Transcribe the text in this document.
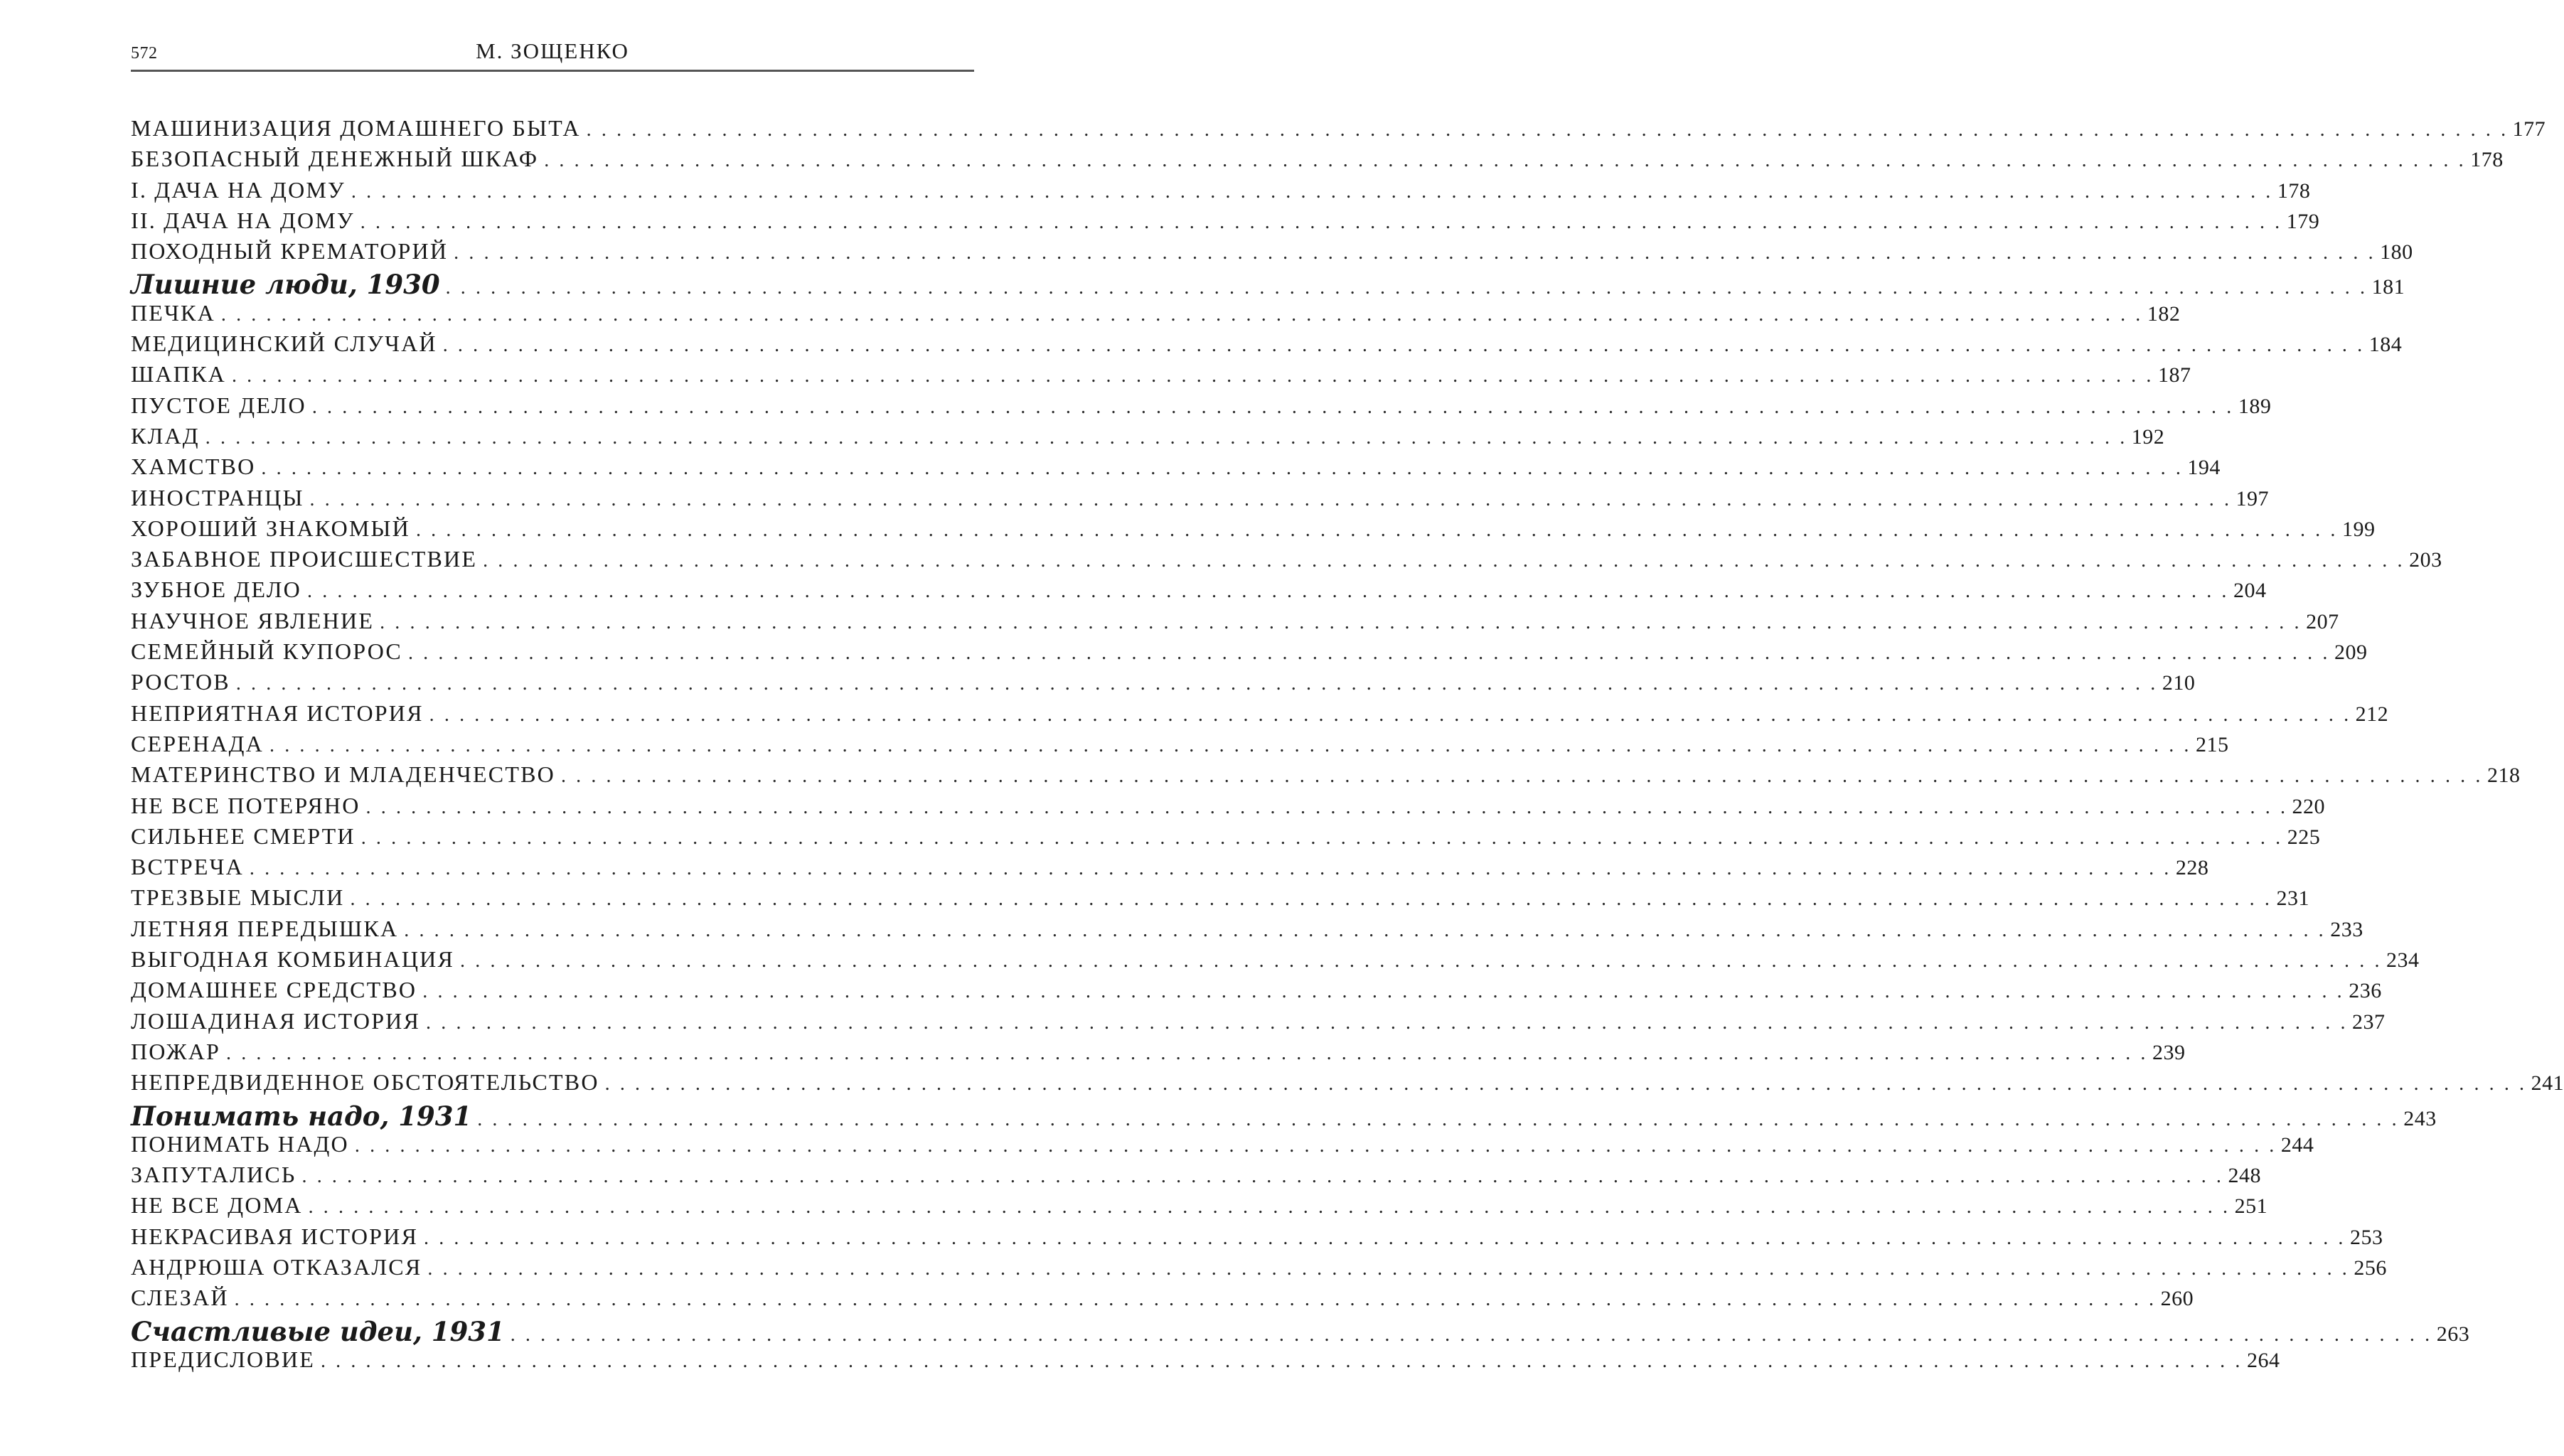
572	М. ЗОЩЕНКО
МАШИНИЗАЦИЯ ДОМАШНЕГО БЫТА . . . . . . . . . . . . . . . . . . . . . . . . . . . . . . . . . . . . . . . . . . . . . . . . . . . . . . . . . . . . . . . . . . . . . . . . . . . . . . . . . . . . . . . . . . . . . . . . . . . . . . . . . . . . . . . . . . . . . . . . . . . . . . . . 177
БЕЗОПАСНЫЙ ДЕНЕЖНЫЙ ШКАФ . . . . . . . . . . . . . . . . . . . . . . . . . . . . . . . . . . . . . . . . . . . . . . . . . . . . . . . . . . . . . . . . . . . . . . . . . . . . . . . . . . . . . . . . . . . . . . . . . . . . . . . . . . . . . . . . . . . . . . . . . . . . . . . . 178
I. ДАЧА НА ДОМУ . . . . . . . . . . . . . . . . . . . . . . . . . . . . . . . . . . . . . . . . . . . . . . . . . . . . . . . . . . . . . . . . . . . . . . . . . . . . . . . . . . . . . . . . . . . . . . . . . . . . . . . . . . . . . . . . . . . . . . . . . . . . . . . . 178
II. ДАЧА НА ДОМУ . . . . . . . . . . . . . . . . . . . . . . . . . . . . . . . . . . . . . . . . . . . . . . . . . . . . . . . . . . . . . . . . . . . . . . . . . . . . . . . . . . . . . . . . . . . . . . . . . . . . . . . . . . . . . . . . . . . . . . . . . . . . . . . . 179
ПОХОДНЫЙ КРЕМАТОРИЙ . . . . . . . . . . . . . . . . . . . . . . . . . . . . . . . . . . . . . . . . . . . . . . . . . . . . . . . . . . . . . . . . . . . . . . . . . . . . . . . . . . . . . . . . . . . . . . . . . . . . . . . . . . . . . . . . . . . . . . . . . . . . . . . . 180
Лишние люди, 1930 . . . . . . . . . . . . . . . . . . . . . . . . . . . . . . . . . . . . . . . . . . . . . . . . . . . . . . . . . . . . . . . . . . . . . . . . . . . . . . . . . . . . . . . . . . . . . . . . . . . . . . . . . . . . . . . . . . . . . . . . . . . . . . . . 181
ПЕЧКА . . . . . . . . . . . . . . . . . . . . . . . . . . . . . . . . . . . . . . . . . . . . . . . . . . . . . . . . . . . . . . . . . . . . . . . . . . . . . . . . . . . . . . . . . . . . . . . . . . . . . . . . . . . . . . . . . . . . . . . . . . . . . . . . 182
МЕДИЦИНСКИЙ СЛУЧАЙ . . . . . . . . . . . . . . . . . . . . . . . . . . . . . . . . . . . . . . . . . . . . . . . . . . . . . . . . . . . . . . . . . . . . . . . . . . . . . . . . . . . . . . . . . . . . . . . . . . . . . . . . . . . . . . . . . . . . . . . . . . . . . . . . 184
ШАПКА . . . . . . . . . . . . . . . . . . . . . . . . . . . . . . . . . . . . . . . . . . . . . . . . . . . . . . . . . . . . . . . . . . . . . . . . . . . . . . . . . . . . . . . . . . . . . . . . . . . . . . . . . . . . . . . . . . . . . . . . . . . . . . . . 187
ПУСТОЕ ДЕЛО . . . . . . . . . . . . . . . . . . . . . . . . . . . . . . . . . . . . . . . . . . . . . . . . . . . . . . . . . . . . . . . . . . . . . . . . . . . . . . . . . . . . . . . . . . . . . . . . . . . . . . . . . . . . . . . . . . . . . . . . . . . . . . . . 189
КЛАД . . . . . . . . . . . . . . . . . . . . . . . . . . . . . . . . . . . . . . . . . . . . . . . . . . . . . . . . . . . . . . . . . . . . . . . . . . . . . . . . . . . . . . . . . . . . . . . . . . . . . . . . . . . . . . . . . . . . . . . . . . . . . . . . 192
ХАМСТВО . . . . . . . . . . . . . . . . . . . . . . . . . . . . . . . . . . . . . . . . . . . . . . . . . . . . . . . . . . . . . . . . . . . . . . . . . . . . . . . . . . . . . . . . . . . . . . . . . . . . . . . . . . . . . . . . . . . . . . . . . . . . . . . . 194
ИНОСТРАНЦЫ . . . . . . . . . . . . . . . . . . . . . . . . . . . . . . . . . . . . . . . . . . . . . . . . . . . . . . . . . . . . . . . . . . . . . . . . . . . . . . . . . . . . . . . . . . . . . . . . . . . . . . . . . . . . . . . . . . . . . . . . . . . . . . . . 197
ХОРОШИЙ ЗНАКОМЫЙ . . . . . . . . . . . . . . . . . . . . . . . . . . . . . . . . . . . . . . . . . . . . . . . . . . . . . . . . . . . . . . . . . . . . . . . . . . . . . . . . . . . . . . . . . . . . . . . . . . . . . . . . . . . . . . . . . . . . . . . . . . . . . . . . 199
ЗАБАВНОЕ ПРОИСШЕСТВИЕ . . . . . . . . . . . . . . . . . . . . . . . . . . . . . . . . . . . . . . . . . . . . . . . . . . . . . . . . . . . . . . . . . . . . . . . . . . . . . . . . . . . . . . . . . . . . . . . . . . . . . . . . . . . . . . . . . . . . . . . . . . . . . . . . 203
ЗУБНОЕ ДЕЛО . . . . . . . . . . . . . . . . . . . . . . . . . . . . . . . . . . . . . . . . . . . . . . . . . . . . . . . . . . . . . . . . . . . . . . . . . . . . . . . . . . . . . . . . . . . . . . . . . . . . . . . . . . . . . . . . . . . . . . . . . . . . . . . . 204
НАУЧНОЕ ЯВЛЕНИЕ . . . . . . . . . . . . . . . . . . . . . . . . . . . . . . . . . . . . . . . . . . . . . . . . . . . . . . . . . . . . . . . . . . . . . . . . . . . . . . . . . . . . . . . . . . . . . . . . . . . . . . . . . . . . . . . . . . . . . . . . . . . . . . . . 207
СЕМЕЙНЫЙ КУПОРОС . . . . . . . . . . . . . . . . . . . . . . . . . . . . . . . . . . . . . . . . . . . . . . . . . . . . . . . . . . . . . . . . . . . . . . . . . . . . . . . . . . . . . . . . . . . . . . . . . . . . . . . . . . . . . . . . . . . . . . . . . . . . . . . . 209
РОСТОВ . . . . . . . . . . . . . . . . . . . . . . . . . . . . . . . . . . . . . . . . . . . . . . . . . . . . . . . . . . . . . . . . . . . . . . . . . . . . . . . . . . . . . . . . . . . . . . . . . . . . . . . . . . . . . . . . . . . . . . . . . . . . . . . . 210
НЕПРИЯТНАЯ ИСТОРИЯ . . . . . . . . . . . . . . . . . . . . . . . . . . . . . . . . . . . . . . . . . . . . . . . . . . . . . . . . . . . . . . . . . . . . . . . . . . . . . . . . . . . . . . . . . . . . . . . . . . . . . . . . . . . . . . . . . . . . . . . . . . . . . . . . 212
СЕРЕНАДА . . . . . . . . . . . . . . . . . . . . . . . . . . . . . . . . . . . . . . . . . . . . . . . . . . . . . . . . . . . . . . . . . . . . . . . . . . . . . . . . . . . . . . . . . . . . . . . . . . . . . . . . . . . . . . . . . . . . . . . . . . . . . . . . 215
МАТЕРИНСТВО И МЛАДЕНЧЕСТВО . . . . . . . . . . . . . . . . . . . . . . . . . . . . . . . . . . . . . . . . . . . . . . . . . . . . . . . . . . . . . . . . . . . . . . . . . . . . . . . . . . . . . . . . . . . . . . . . . . . . . . . . . . . . . . . . . . . . . . . . . . . . . . . . 218
НЕ ВСЕ ПОТЕРЯНО . . . . . . . . . . . . . . . . . . . . . . . . . . . . . . . . . . . . . . . . . . . . . . . . . . . . . . . . . . . . . . . . . . . . . . . . . . . . . . . . . . . . . . . . . . . . . . . . . . . . . . . . . . . . . . . . . . . . . . . . . . . . . . . . 220
СИЛЬНЕЕ СМЕРТИ . . . . . . . . . . . . . . . . . . . . . . . . . . . . . . . . . . . . . . . . . . . . . . . . . . . . . . . . . . . . . . . . . . . . . . . . . . . . . . . . . . . . . . . . . . . . . . . . . . . . . . . . . . . . . . . . . . . . . . . . . . . . . . . . 225
ВСТРЕЧА . . . . . . . . . . . . . . . . . . . . . . . . . . . . . . . . . . . . . . . . . . . . . . . . . . . . . . . . . . . . . . . . . . . . . . . . . . . . . . . . . . . . . . . . . . . . . . . . . . . . . . . . . . . . . . . . . . . . . . . . . . . . . . . . 228
ТРЕЗВЫЕ МЫСЛИ . . . . . . . . . . . . . . . . . . . . . . . . . . . . . . . . . . . . . . . . . . . . . . . . . . . . . . . . . . . . . . . . . . . . . . . . . . . . . . . . . . . . . . . . . . . . . . . . . . . . . . . . . . . . . . . . . . . . . . . . . . . . . . . . 231
ЛЕТНЯЯ ПЕРЕДЫШКА . . . . . . . . . . . . . . . . . . . . . . . . . . . . . . . . . . . . . . . . . . . . . . . . . . . . . . . . . . . . . . . . . . . . . . . . . . . . . . . . . . . . . . . . . . . . . . . . . . . . . . . . . . . . . . . . . . . . . . . . . . . . . . . . 233
ВЫГОДНАЯ КОМБИНАЦИЯ . . . . . . . . . . . . . . . . . . . . . . . . . . . . . . . . . . . . . . . . . . . . . . . . . . . . . . . . . . . . . . . . . . . . . . . . . . . . . . . . . . . . . . . . . . . . . . . . . . . . . . . . . . . . . . . . . . . . . . . . . . . . . . . . 234
ДОМАШНЕЕ СРЕДСТВО . . . . . . . . . . . . . . . . . . . . . . . . . . . . . . . . . . . . . . . . . . . . . . . . . . . . . . . . . . . . . . . . . . . . . . . . . . . . . . . . . . . . . . . . . . . . . . . . . . . . . . . . . . . . . . . . . . . . . . . . . . . . . . . . 236
ЛОШАДИНАЯ ИСТОРИЯ . . . . . . . . . . . . . . . . . . . . . . . . . . . . . . . . . . . . . . . . . . . . . . . . . . . . . . . . . . . . . . . . . . . . . . . . . . . . . . . . . . . . . . . . . . . . . . . . . . . . . . . . . . . . . . . . . . . . . . . . . . . . . . . . 237
ПОЖАР . . . . . . . . . . . . . . . . . . . . . . . . . . . . . . . . . . . . . . . . . . . . . . . . . . . . . . . . . . . . . . . . . . . . . . . . . . . . . . . . . . . . . . . . . . . . . . . . . . . . . . . . . . . . . . . . . . . . . . . . . . . . . . . . 239
НЕПРЕДВИДЕННОЕ ОБСТОЯТЕЛЬСТВО . . . . . . . . . . . . . . . . . . . . . . . . . . . . . . . . . . . . . . . . . . . . . . . . . . . . . . . . . . . . . . . . . . . . . . . . . . . . . . . . . . . . . . . . . . . . . . . . . . . . . . . . . . . . . . . . . . . . . . . . . . . . . . . . 241
Понимать надо, 1931 . . . . . . . . . . . . . . . . . . . . . . . . . . . . . . . . . . . . . . . . . . . . . . . . . . . . . . . . . . . . . . . . . . . . . . . . . . . . . . . . . . . . . . . . . . . . . . . . . . . . . . . . . . . . . . . . . . . . . . . . . . . . . . . . 243
ПОНИМАТЬ НАДО . . . . . . . . . . . . . . . . . . . . . . . . . . . . . . . . . . . . . . . . . . . . . . . . . . . . . . . . . . . . . . . . . . . . . . . . . . . . . . . . . . . . . . . . . . . . . . . . . . . . . . . . . . . . . . . . . . . . . . . . . . . . . . . . 244
ЗАПУТАЛИСЬ . . . . . . . . . . . . . . . . . . . . . . . . . . . . . . . . . . . . . . . . . . . . . . . . . . . . . . . . . . . . . . . . . . . . . . . . . . . . . . . . . . . . . . . . . . . . . . . . . . . . . . . . . . . . . . . . . . . . . . . . . . . . . . . . 248
НЕ ВСЕ ДОМА . . . . . . . . . . . . . . . . . . . . . . . . . . . . . . . . . . . . . . . . . . . . . . . . . . . . . . . . . . . . . . . . . . . . . . . . . . . . . . . . . . . . . . . . . . . . . . . . . . . . . . . . . . . . . . . . . . . . . . . . . . . . . . . . 251
НЕКРАСИВАЯ ИСТОРИЯ . . . . . . . . . . . . . . . . . . . . . . . . . . . . . . . . . . . . . . . . . . . . . . . . . . . . . . . . . . . . . . . . . . . . . . . . . . . . . . . . . . . . . . . . . . . . . . . . . . . . . . . . . . . . . . . . . . . . . . . . . . . . . . . . 253
АНДРЮША ОТКАЗАЛСЯ . . . . . . . . . . . . . . . . . . . . . . . . . . . . . . . . . . . . . . . . . . . . . . . . . . . . . . . . . . . . . . . . . . . . . . . . . . . . . . . . . . . . . . . . . . . . . . . . . . . . . . . . . . . . . . . . . . . . . . . . . . . . . . . . 256
СЛЕЗАЙ . . . . . . . . . . . . . . . . . . . . . . . . . . . . . . . . . . . . . . . . . . . . . . . . . . . . . . . . . . . . . . . . . . . . . . . . . . . . . . . . . . . . . . . . . . . . . . . . . . . . . . . . . . . . . . . . . . . . . . . . . . . . . . . . 260
Счастливые идеи, 1931 . . . . . . . . . . . . . . . . . . . . . . . . . . . . . . . . . . . . . . . . . . . . . . . . . . . . . . . . . . . . . . . . . . . . . . . . . . . . . . . . . . . . . . . . . . . . . . . . . . . . . . . . . . . . . . . . . . . . . . . . . . . . . . . . 263
ПРЕДИСЛОВИЕ . . . . . . . . . . . . . . . . . . . . . . . . . . . . . . . . . . . . . . . . . . . . . . . . . . . . . . . . . . . . . . . . . . . . . . . . . . . . . . . . . . . . . . . . . . . . . . . . . . . . . . . . . . . . . . . . . . . . . . . . . . . . . . . . 264
